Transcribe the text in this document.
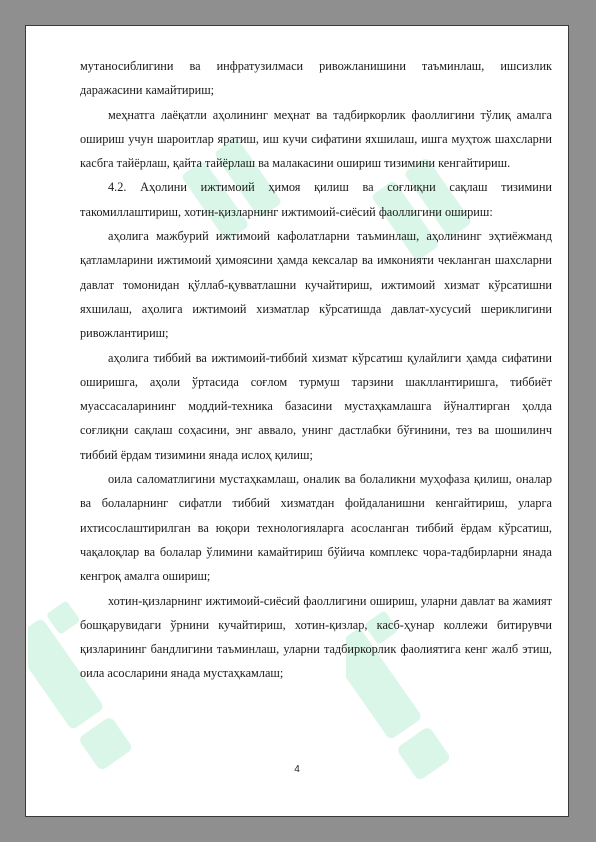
мутаносиблигини ва инфратузилмаси ривожланишини таъминлаш, ишсизлик даражасини камайтириш;

меҳнатга лаёқатли аҳолининг меҳнат ва тадбиркорлик фаоллигини тўлиқ амалга ошириш учун шароитлар яратиш, иш кучи сифатини яхшилаш, ишга муҳтож шахсларни касбга тайёрлаш, қайта тайёрлаш ва малакасини ошириш тизимини кенгайтириш.

4.2. Аҳолини ижтимоий ҳимоя қилиш ва соғлиқни сақлаш тизимини такомиллаштириш, хотин-қизларнинг ижтимоий-сиёсий фаоллигини ошириш:

аҳолига мажбурий ижтимоий кафолатларни таъминлаш, аҳолининг эҳтиёжманд қатламларини ижтимоий ҳимоясини ҳамда кексалар ва имконияти чекланган шахсларни давлат томонидан қўллаб-қувватлашни кучайтириш, ижтимоий хизмат кўрсатишни яхшилаш, аҳолига ижтимоий хизматлар кўрсатишда давлат-хусусий шериклигини ривожлантириш;

аҳолига тиббий ва ижтимоий-тиббий хизмат кўрсатиш қулайлиги ҳамда сифатини оширишга, аҳоли ўртасида соғлом турмуш тарзини шакллантиришга, тиббиёт муассасаларининг моддий-техника базасини мустаҳкамлашга йўналтирган ҳолда соғлиқни сақлаш соҳасини, энг аввало, унинг дастлабки бўғинини, тез ва шошилинч тиббий ёрдам тизимини янада ислоҳ қилиш;

оила саломатлигини мустаҳкамлаш, оналик ва болаликни муҳофаза қилиш, оналар ва болаларнинг сифатли тиббий хизматдан фойдаланишни кенгайтириш, уларга ихтисослаштирилган ва юқори технологияларга асосланган тиббий ёрдам кўрсатиш, чақалоқлар ва болалар ўлимини камайтириш бўйича комплекс чора-тадбирларни янада кенгроқ амалга ошириш;

хотин-қизларнинг ижтимоий-сиёсий фаоллигини ошириш, уларни давлат ва жамият бошқарувидаги ўрнини кучайтириш, хотин-қизлар, касб-ҳунар коллежи битирувчи қизларининг бандлигини таъминлаш, уларни тадбиркорлик фаолиятига кенг жалб этиш, оила асосларини янада мустаҳкамлаш;

4
